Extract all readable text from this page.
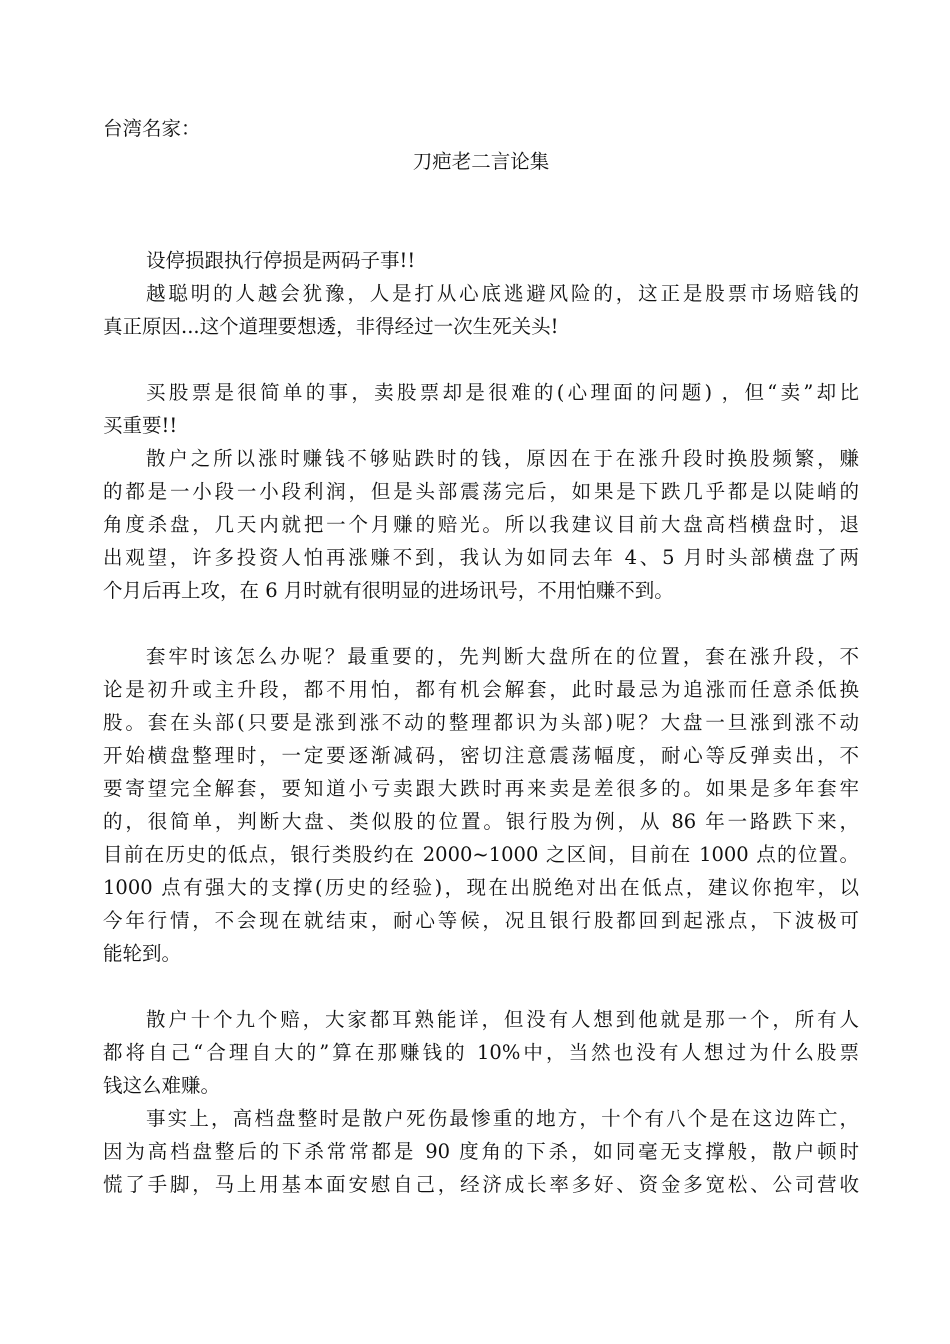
台湾名家：
刀疤老二言论集
设停损跟执行停损是两码子事!!
越聪明的人越会犹豫，人是打从心底逃避风险的，这正是股票市场赔钱的
真正原因...这个道理要想透，非得经过一次生死关头!
买股票是很简单的事，卖股票却是很难的(心理面的问题) ，但“卖”却比
买重要!!
散户之所以涨时赚钱不够贴跌时的钱，原因在于在涨升段时换股频繁，赚
的都是一小段一小段利润，但是头部震荡完后，如果是下跌几乎都是以陡峭的
角度杀盘，几天内就把一个月赚的赔光。所以我建议目前大盘高档横盘时，退
出观望，许多投资人怕再涨赚不到，我认为如同去年 4、5 月时头部横盘了两
个月后再上攻，在 6 月时就有很明显的进场讯号，不用怕赚不到。
套牢时该怎么办呢？最重要的，先判断大盘所在的位置，套在涨升段，不
论是初升或主升段，都不用怕，都有机会解套，此时最忌为追涨而任意杀低换
股。套在头部(只要是涨到涨不动的整理都识为头部)呢？大盘一旦涨到涨不动
开始横盘整理时，一定要逐渐减码，密切注意震荡幅度，耐心等反弹卖出，不
要寄望完全解套，要知道小亏卖跟大跌时再来卖是差很多的。如果是多年套牢
的，很简单，判断大盘、类似股的位置。银行股为例，从 86 年一路跌下来，
目前在历史的低点，银行类股约在 2000~1000 之区间，目前在 1000 点的位置。
1000 点有强大的支撑(历史的经验)，现在出脱绝对出在低点，建议你抱牢，以
今年行情，不会现在就结束，耐心等候，况且银行股都回到起涨点，下波极可
能轮到。
散户十个九个赔，大家都耳熟能详，但没有人想到他就是那一个，所有人
都将自己“合理自大的”算在那赚钱的 10%中，当然也没有人想过为什么股票
钱这么难赚。
事实上，高档盘整时是散户死伤最惨重的地方，十个有八个是在这边阵亡，
因为高档盘整后的下杀常常都是 90 度角的下杀，如同毫无支撑般，散户顿时
慌了手脚，马上用基本面安慰自己，经济成长率多好、资金多宽松、公司营收
